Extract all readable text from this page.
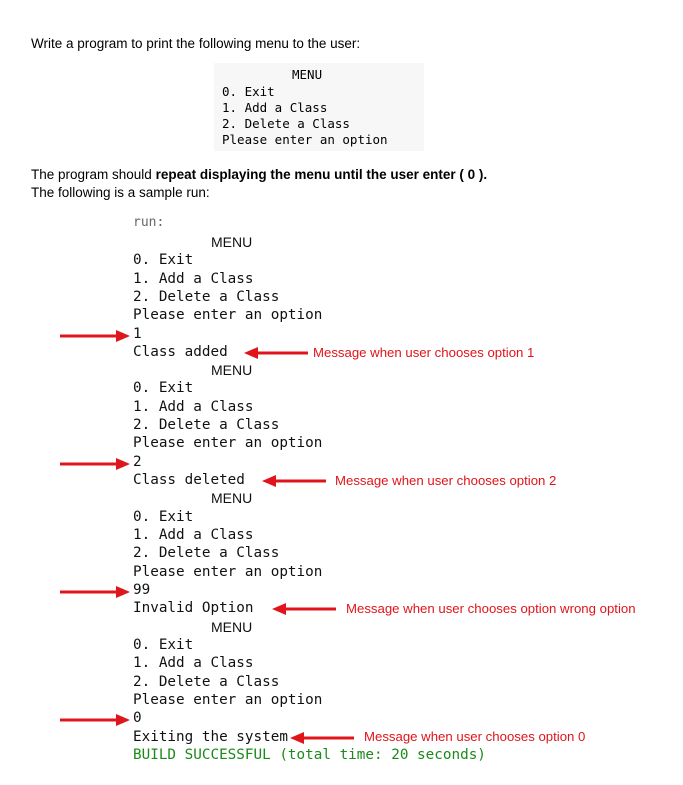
Write a program to print the following menu to the user:
MENU
0. Exit
1. Add a Class
2. Delete a Class
Please enter an option
The program should repeat displaying the menu until the user enter ( 0 ).
The following is a sample run:
run:
MENU
0. Exit
1. Add a Class
2. Delete a Class
Please enter an option
1
Class added
MENU
0. Exit
1. Add a Class
2. Delete a Class
Please enter an option
2
Class deleted
MENU
0. Exit
1. Add a Class
2. Delete a Class
Please enter an option
99
Invalid Option
MENU
0. Exit
1. Add a Class
2. Delete a Class
Please enter an option
0
Exiting the system
BUILD SUCCESSFUL (total time: 20 seconds)
Message when user chooses option 1
Message when user chooses option 2
Message when user chooses option wrong option
Message when user chooses option 0
